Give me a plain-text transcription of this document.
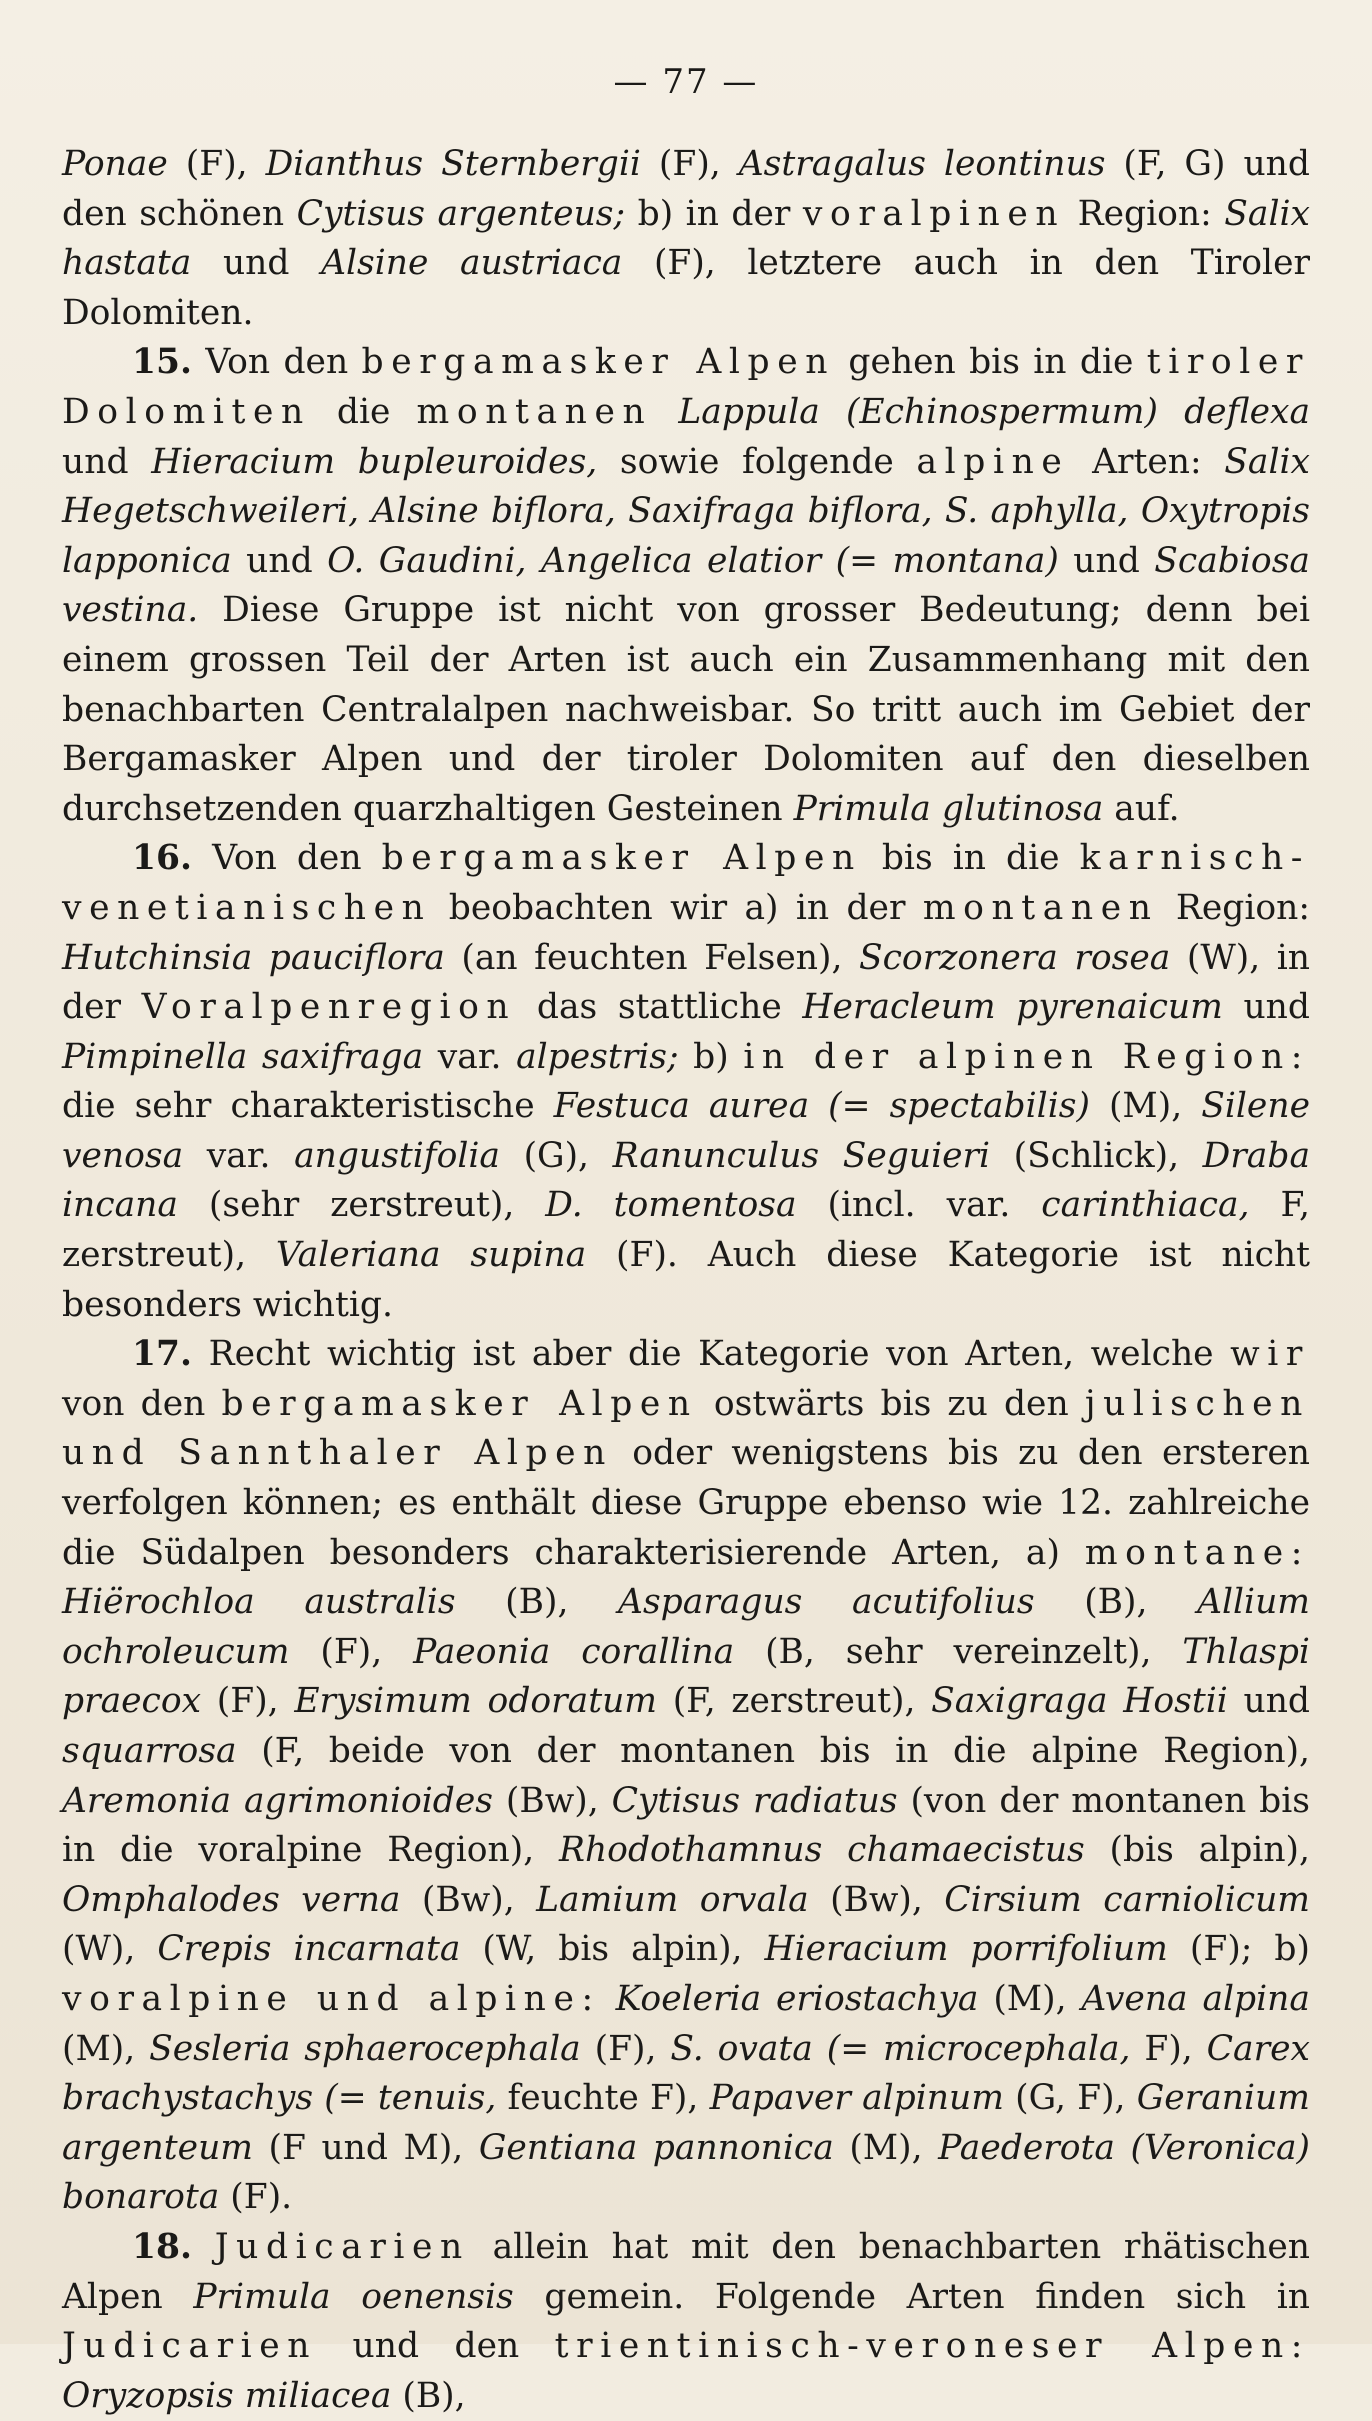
— 77 —

Ponae (F), Dianthus Sternbergii (F), Astragalus leontinus (F, G) und den schönen Cytisus argenteus; b) in der voralpinen Region: Salix hastata und Alsine austriaca (F), letztere auch in den Tiroler Dolomiten.

15. Von den bergamasker Alpen gehen bis in die tiroler Dolomiten die montanen Lappula (Echinospermum) deflexa und Hieracium bupleuroides, sowie folgende alpine Arten: Salix Hegetschweileri, Alsine biflora, Saxifraga biflora, S. aphylla, Oxytropis lapponica und O. Gaudini, Angelica elatior (= montana) und Scabiosa vestina. Diese Gruppe ist nicht von grosser Bedeutung; denn bei einem grossen Teil der Arten ist auch ein Zusammenhang mit den benachbarten Centralalpen nachweisbar. So tritt auch im Gebiet der Bergamasker Alpen und der tiroler Dolomiten auf den dieselben durchsetzenden quarzhaltigen Gesteinen Primula glutinosa auf.

16. Von den bergamasker Alpen bis in die karnisch-venetianischen beobachten wir a) in der montanen Region: Hutchinsia pauciflora (an feuchten Felsen), Scorzonera rosea (W), in der Voralpenregion das stattliche Heracleum pyrenaicum und Pimpinella saxifraga var. alpestris; b) in der alpinen Region: die sehr charakteristische Festuca aurea (= spectabilis) (M), Silene venosa var. angustifolia (G), Ranunculus Seguieri (Schlick), Draba incana (sehr zerstreut), D. tomentosa (incl. var. carinthiaca, F, zerstreut), Valeriana supina (F). Auch diese Kategorie ist nicht besonders wichtig.

17. Recht wichtig ist aber die Kategorie von Arten, welche wir von den bergamasker Alpen ostwärts bis zu den julischen und Sannthaler Alpen oder wenigstens bis zu den ersteren verfolgen können; es enthält diese Gruppe ebenso wie 12. zahlreiche die Südalpen besonders charakterisierende Arten, a) montane: Hiërochloa australis (B), Asparagus acutifolius (B), Allium ochroleucum (F), Paeonia corallina (B, sehr vereinzelt), Thlaspi praecox (F), Erysimum odoratum (F, zerstreut), Saxigraga Hostii und squarrosa (F, beide von der montanen bis in die alpine Region), Aremonia agrimonioides (Bw), Cytisus radiatus (von der montanen bis in die voralpine Region), Rhodothamnus chamaecistus (bis alpin), Omphalodes verna (Bw), Lamium orvala (Bw), Cirsium carniolicum (W), Crepis incarnata (W, bis alpin), Hieracium porrifolium (F); b) voralpine und alpine: Koeleria eriostachya (M), Avena alpina (M), Sesleria sphaerocephala (F), S. ovata (= microcephala, F), Carex brachystachys (= tenuis, feuchte F), Papaver alpinum (G, F), Geranium argenteum (F und M), Gentiana pannonica (M), Paederota (Veronica) bonarota (F).

18. Judicarien allein hat mit den benachbarten rhätischen Alpen Primula oenensis gemein. Folgende Arten finden sich in Judicarien und den trientinisch-veroneser Alpen: Oryzopsis miliacea (B),
